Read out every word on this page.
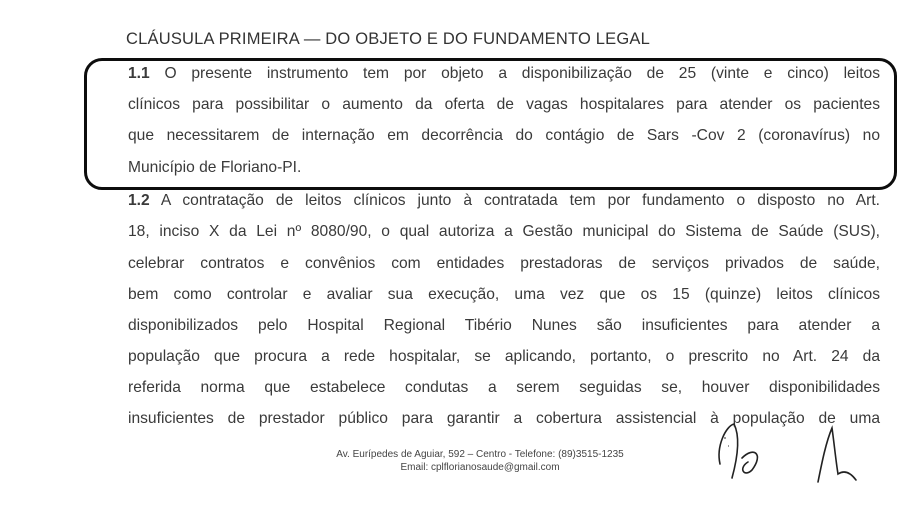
CLÁUSULA PRIMEIRA — DO OBJETO E DO FUNDAMENTO LEGAL
1.1 O presente instrumento tem por objeto a disponibilização de 25 (vinte e cinco) leitos
clínicos para possibilitar o aumento da oferta de vagas hospitalares para atender os pacientes
que necessitarem de internação em decorrência do contágio de Sars -Cov 2 (coronavírus) no
Município de Floriano-PI.
1.2 A contratação de leitos clínicos junto à contratada tem por fundamento o disposto no Art.
18, inciso X da Lei nº 8080/90, o qual autoriza a Gestão municipal do Sistema de Saúde (SUS),
celebrar contratos e convênios com entidades prestadoras de serviços privados de saúde,
bem como controlar e avaliar sua execução, uma vez que os 15 (quinze) leitos clínicos
disponibilizados pelo Hospital Regional Tibério Nunes são insuficientes para atender a
população que procura a rede hospitalar, se aplicando, portanto, o prescrito no Art. 24 da
referida norma que estabelece condutas a serem seguidas se, houver disponibilidades
insuficientes de prestador público para garantir a cobertura assistencial à população de uma
Av. Eurípedes de Aguiar, 592 – Centro - Telefone: (89)3515-1235
Email: cplflorianosaude@gmail.com
